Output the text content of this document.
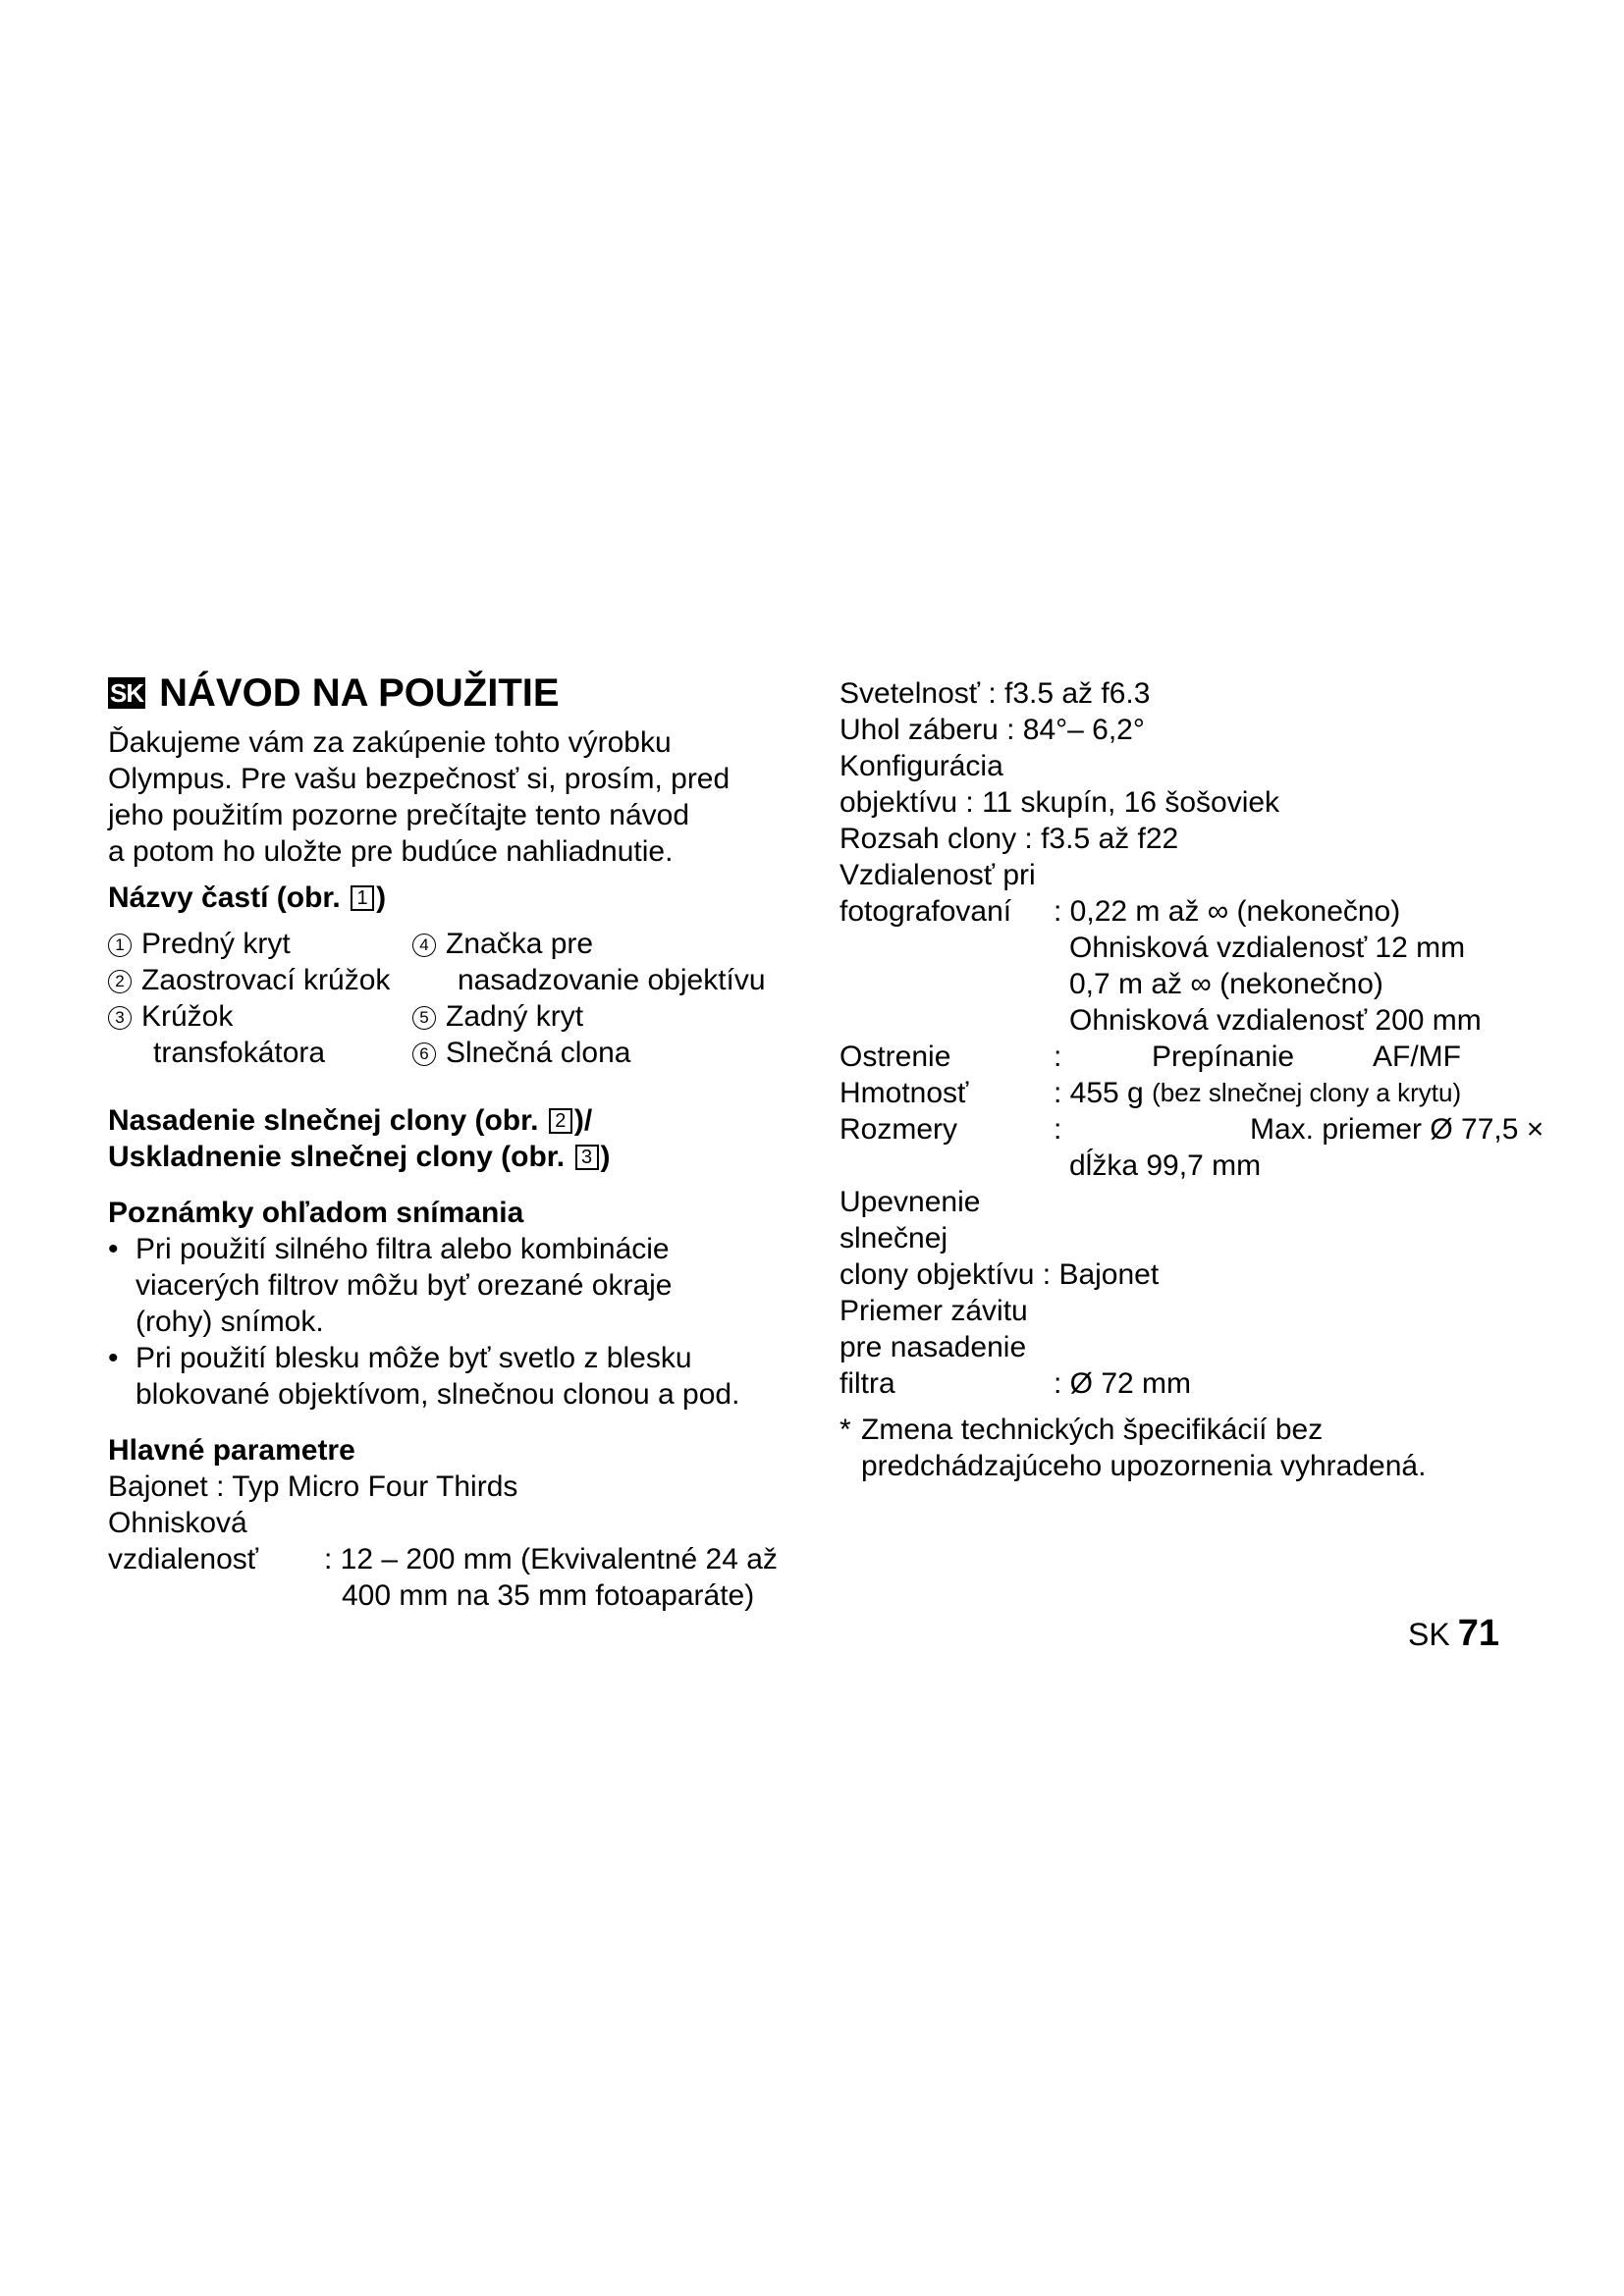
SK NÁVOD NA POUŽITIE
Ďakujeme vám za zakúpenie tohto výrobku
Olympus. Pre vašu bezpečnosť si, prosím, pred
jeho použitím pozorne prečítajte tento návod
a potom ho uložte pre budúce nahliadnutie.
Názvy častí (obr. 1 )
1 Predný kryt	4 Značka pre
2 Zaostrovací krúžok	nasadzovanie objektívu
3 Krúžok	5 Zadný kryt
transfokátora	6 Slnečná clona
Nasadenie slnečnej clony (obr. 2 )/
Uskladnenie slnečnej clony (obr. 3 )
Poznámky ohľadom snímania
• Pri použití silného filtra alebo kombinácie
viacerých filtrov môžu byť orezané okraje
(rohy) snímok.
• Pri použití blesku môže byť svetlo z blesku
blokované objektívom, slnečnou clonou a pod.
Hlavné parametre
Bajonet : Typ Micro Four Thirds
Ohnisková
vzdialenosť	: 12 – 200 mm (Ekvivalentné 24 až
400 mm na 35 mm fotoaparáte)
Svetelnosť : f3.5 až f6.3
Uhol záberu : 84°– 6,2°
Konfigurácia
objektívu : 11 skupín, 16 šošoviek
Rozsah clony : f3.5 až f22
Vzdialenosť pri
fotografovaní	: 0,22 m až ∞ (nekonečno)
Ohnisková vzdialenosť 12 mm
0,7 m až ∞ (nekonečno)
Ohnisková vzdialenosť 200 mm
Ostrenie	:	Prepínanie	AF/MF
Hmotnosť	: 455 g (bez slnečnej clony a krytu)
Rozmery	:	Max. priemer Ø 77,5 ×
dĺžka 99,7 mm
Upevnenie
slnečnej
clony objektívu : Bajonet
Priemer závitu
pre nasadenie
filtra	: Ø 72 mm
* Zmena technických špecifikácií bez
predchádzajúceho upozornenia vyhradená.
SK 71
